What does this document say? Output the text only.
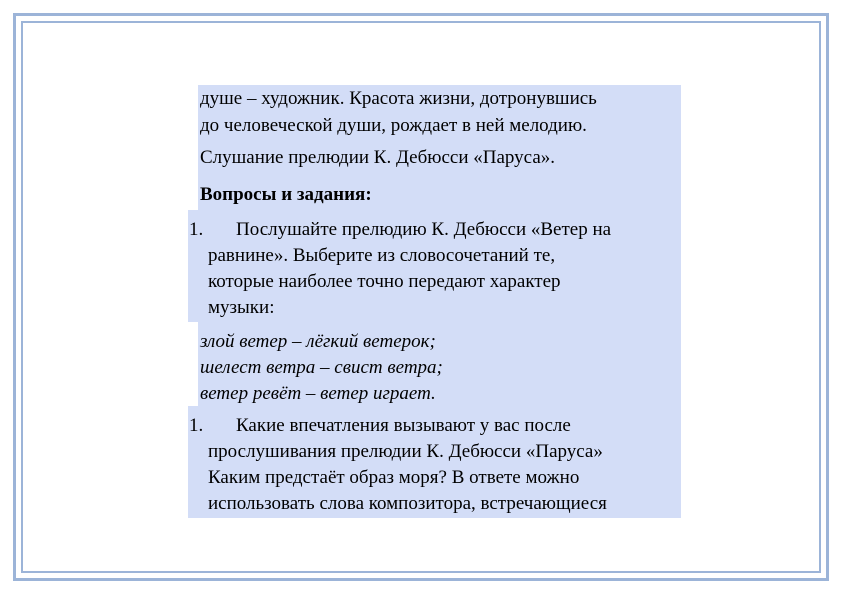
душе – художник. Красота жизни, дотронувшись
до человеческой души, рождает в ней мелодию.
Слушание прелюдии К. Дебюсси «Паруса».
Вопросы и задания:
1. Послушайте прелюдию К. Дебюсси «Ветер на
равнине». Выберите из словосочетаний те,
которые наиболее точно передают характер
музыки:
злой ветер – лёгкий ветерок;
шелест ветра – свист ветра;
ветер ревёт – ветер играет.
1. Какие впечатления вызывают у вас после
прослушивания прелюдии К. Дебюсси «Паруса»
Каким предстаёт образ моря? В ответе можно
использовать слова композитора, встречающиеся
